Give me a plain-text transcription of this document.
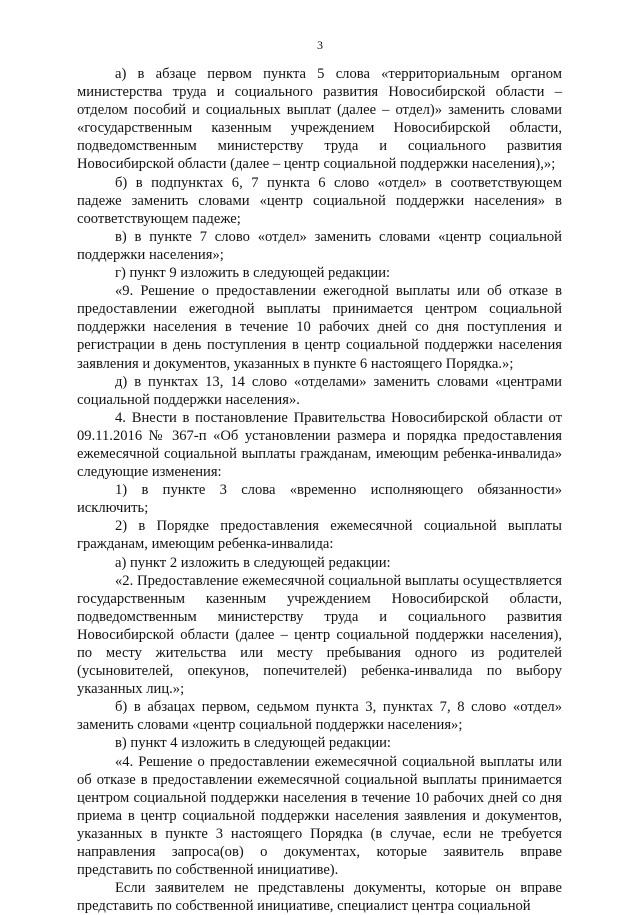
3

а) в абзаце первом пункта 5 слова «территориальным органом министерства труда и социального развития Новосибирской области – отделом пособий и социальных выплат (далее – отдел)» заменить словами «государственным казенным учреждением Новосибирской области, подведомственным министерству труда и социального развития Новосибирской области (далее – центр социальной поддержки населения),»;

б) в подпунктах 6, 7 пункта 6 слово «отдел» в соответствующем падеже заменить словами «центр социальной поддержки населения» в соответствующем падеже;

в) в пункте 7 слово «отдел» заменить словами «центр социальной поддержки населения»;

г) пункт 9 изложить в следующей редакции:

«9. Решение о предоставлении ежегодной выплаты или об отказе в предоставлении ежегодной выплаты принимается центром социальной поддержки населения в течение 10 рабочих дней со дня поступления и регистрации в день поступления в центр социальной поддержки населения заявления и документов, указанных в пункте 6 настоящего Порядка.»;

д) в пунктах 13, 14 слово «отделами» заменить словами «центрами социальной поддержки населения».

4. Внести в постановление Правительства Новосибирской области от 09.11.2016 № 367-п «Об установлении размера и порядка предоставления ежемесячной социальной выплаты гражданам, имеющим ребенка-инвалида» следующие изменения:

1) в пункте 3 слова «временно исполняющего обязанности» исключить;

2) в Порядке предоставления ежемесячной социальной выплаты гражданам, имеющим ребенка-инвалида:

а) пункт 2 изложить в следующей редакции:

«2. Предоставление ежемесячной социальной выплаты осуществляется государственным казенным учреждением Новосибирской области, подведомственным министерству труда и социального развития Новосибирской области (далее – центр социальной поддержки населения), по месту жительства или месту пребывания одного из родителей (усыновителей, опекунов, попечителей) ребенка-инвалида по выбору указанных лиц.»;

б) в абзацах первом, седьмом пункта 3, пунктах 7, 8 слово «отдел» заменить словами «центр социальной поддержки населения»;

в) пункт 4 изложить в следующей редакции:

«4. Решение о предоставлении ежемесячной социальной выплаты или об отказе в предоставлении ежемесячной социальной выплаты принимается центром социальной поддержки населения в течение 10 рабочих дней со дня приема в центр социальной поддержки населения заявления и документов, указанных в пункте 3 настоящего Порядка (в случае, если не требуется направления запроса(ов) о документах, которые заявитель вправе представить по собственной инициативе).

Если заявителем не представлены документы, которые он вправе представить по собственной инициативе, специалист центра социальной
